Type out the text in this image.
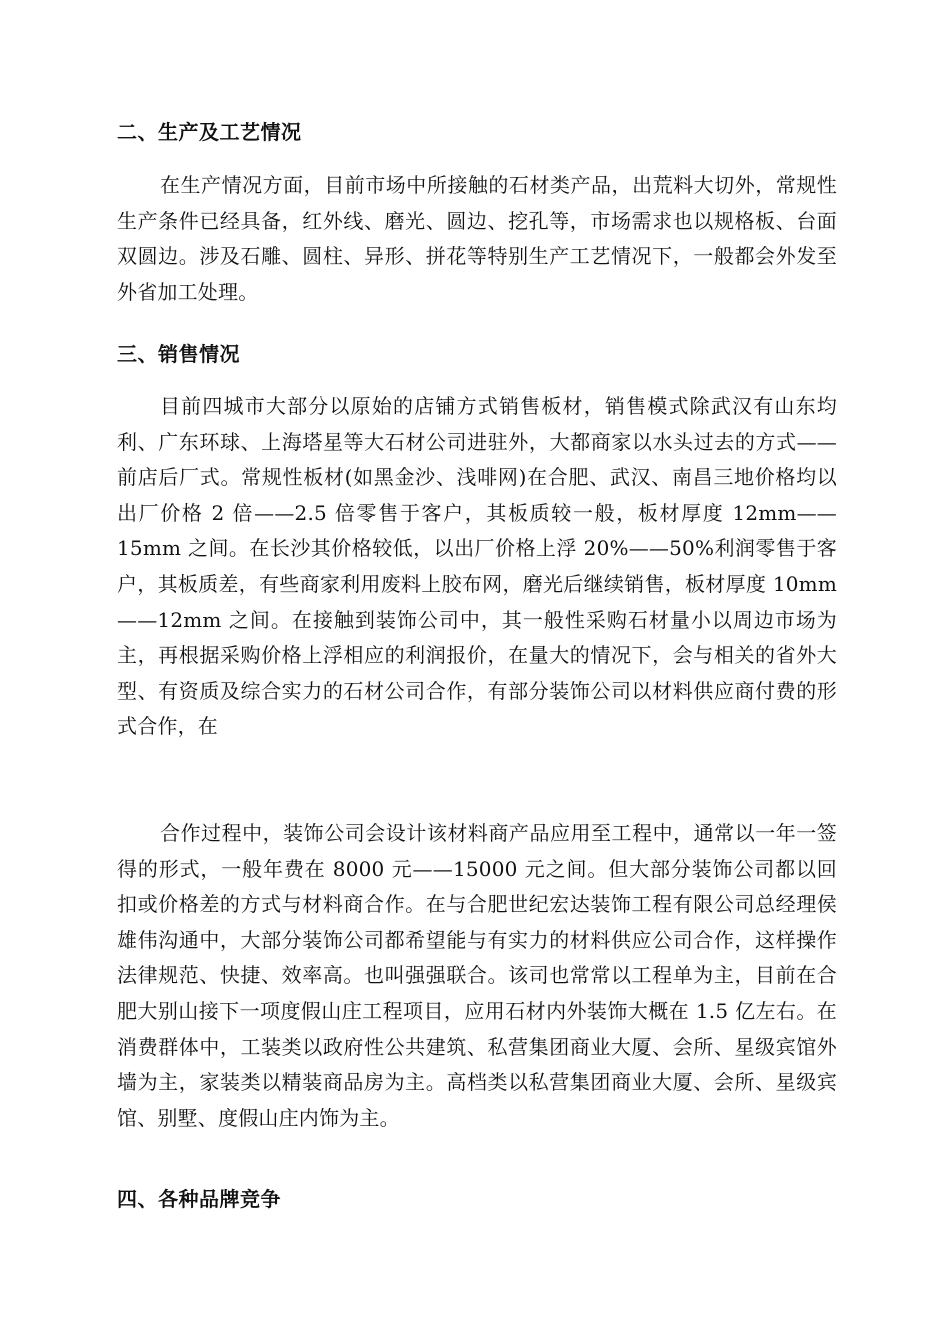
二、生产及工艺情况

在生产情况方面，目前市场中所接触的石材类产品，出荒料大切外，常规性生产条件已经具备，红外线、磨光、圆边、挖孔等，市场需求也以规格板、台面双圆边。涉及石雕、圆柱、异形、拼花等特别生产工艺情况下，一般都会外发至外省加工处理。

三、销售情况

目前四城市大部分以原始的店铺方式销售板材，销售模式除武汉有山东均利、广东环球、上海塔星等大石材公司进驻外，大都商家以水头过去的方式——前店后厂式。常规性板材(如黑金沙、浅啡网)在合肥、武汉、南昌三地价格均以出厂价格 2 倍——2.5 倍零售于客户，其板质较一般，板材厚度 12mm——15mm 之间。在长沙其价格较低，以出厂价格上浮 20%——50%利润零售于客户，其板质差，有些商家利用废料上胶布网，磨光后继续销售，板材厚度 10mm——12mm 之间。在接触到装饰公司中，其一般性采购石材量小以周边市场为主，再根据采购价格上浮相应的利润报价，在量大的情况下，会与相关的省外大型、有资质及综合实力的石材公司合作，有部分装饰公司以材料供应商付费的形式合作，在

合作过程中，装饰公司会设计该材料商产品应用至工程中，通常以一年一签得的形式，一般年费在 8000 元——15000 元之间。但大部分装饰公司都以回扣或价格差的方式与材料商合作。在与合肥世纪宏达装饰工程有限公司总经理侯雄伟沟通中，大部分装饰公司都希望能与有实力的材料供应公司合作，这样操作法律规范、快捷、效率高。也叫强强联合。该司也常常以工程单为主，目前在合肥大别山接下一项度假山庄工程项目，应用石材内外装饰大概在 1.5 亿左右。在消费群体中，工装类以政府性公共建筑、私营集团商业大厦、会所、星级宾馆外墙为主，家装类以精装商品房为主。高档类以私营集团商业大厦、会所、星级宾馆、别墅、度假山庄内饰为主。

四、各种品牌竞争
